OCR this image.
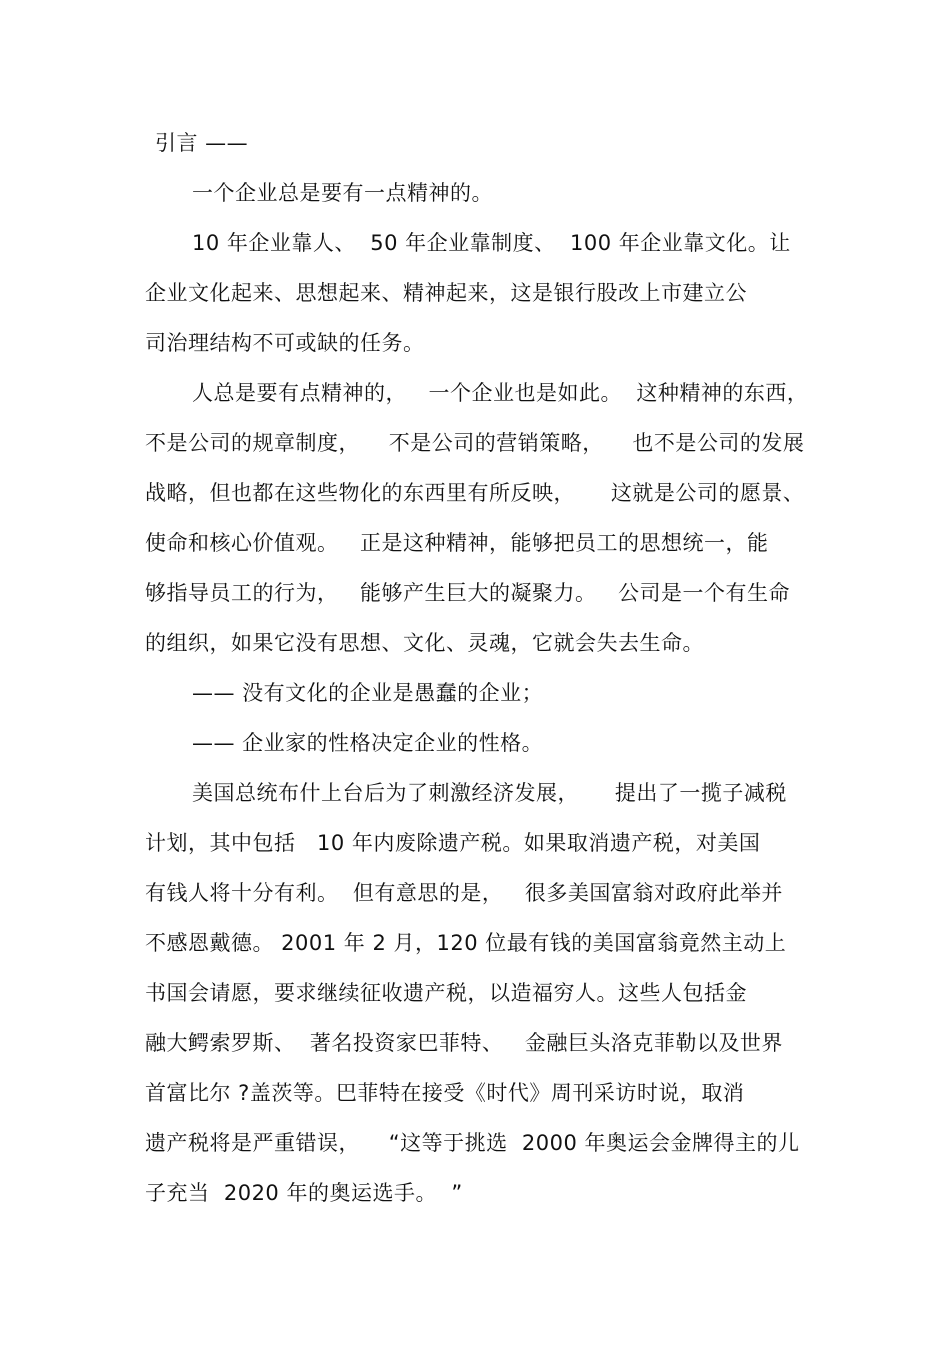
引言 ——
一个企业总是要有一点精神的。
10 年企业靠人、  50 年企业靠制度、  100 年企业靠文化。让
企业文化起来、思想起来、精神起来，这是银行股改上市建立公
司治理结构不可或缺的任务。
人总是要有点精神的，   一个企业也是如此。  这种精神的东西，
不是公司的规章制度，    不是公司的营销策略，    也不是公司的发展
战略，但也都在这些物化的东西里有所反映，     这就是公司的愿景、
使命和核心价值观。   正是这种精神，能够把员工的思想统一，能
够指导员工的行为，   能够产生巨大的凝聚力。   公司是一个有生命
的组织，如果它没有思想、文化、灵魂，它就会失去生命。
—— 没有文化的企业是愚蠢的企业；
—— 企业家的性格决定企业的性格。
美国总统布什上台后为了刺激经济发展，     提出了一揽子减税
计划，其中包括   10 年内废除遗产税。如果取消遗产税，对美国
有钱人将十分有利。  但有意思的是，   很多美国富翁对政府此举并
不感恩戴德。 2001 年 2 月，120 位最有钱的美国富翁竟然主动上
书国会请愿，要求继续征收遗产税，以造福穷人。这些人包括金
融大鳄索罗斯、  著名投资家巴菲特、   金融巨头洛克菲勒以及世界
首富比尔 ?盖茨等。巴菲特在接受《时代》周刊采访时说，取消
遗产税将是严重错误，    “这等于挑选  2000 年奥运会金牌得主的儿
子充当  2020 年的奥运选手。  ”
